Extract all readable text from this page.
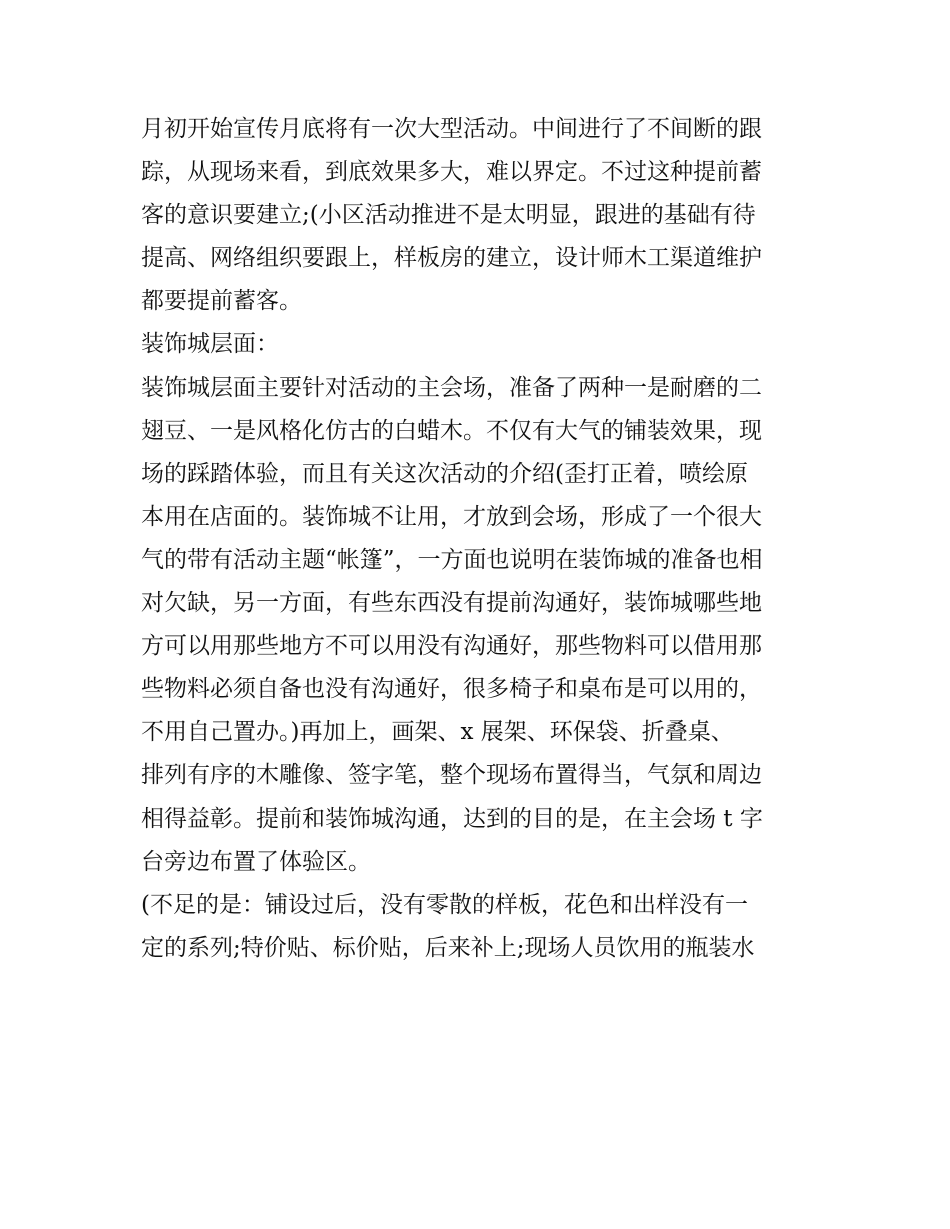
月初开始宣传月底将有一次大型活动。中间进行了不间断的跟
踪，从现场来看，到底效果多大，难以界定。不过这种提前蓄
客的意识要建立;(小区活动推进不是太明显，跟进的基础有待
提高、网络组织要跟上，样板房的建立，设计师木工渠道维护
都要提前蓄客。
装饰城层面：
装饰城层面主要针对活动的主会场，准备了两种一是耐磨的二
翅豆、一是风格化仿古的白蜡木。不仅有大气的铺装效果，现
场的踩踏体验，而且有关这次活动的介绍(歪打正着，喷绘原
本用在店面的。装饰城不让用，才放到会场，形成了一个很大
气的带有活动主题“帐篷”，一方面也说明在装饰城的准备也相
对欠缺，另一方面，有些东西没有提前沟通好，装饰城哪些地
方可以用那些地方不可以用没有沟通好，那些物料可以借用那
些物料必须自备也没有沟通好，很多椅子和桌布是可以用的，
不用自己置办。)再加上，画架、x 展架、环保袋、折叠桌、
排列有序的木雕像、签字笔，整个现场布置得当，气氛和周边
相得益彰。提前和装饰城沟通，达到的目的是，在主会场 t 字
台旁边布置了体验区。
(不足的是：铺设过后，没有零散的样板，花色和出样没有一
定的系列;特价贴、标价贴，后来补上;现场人员饮用的瓶装水
